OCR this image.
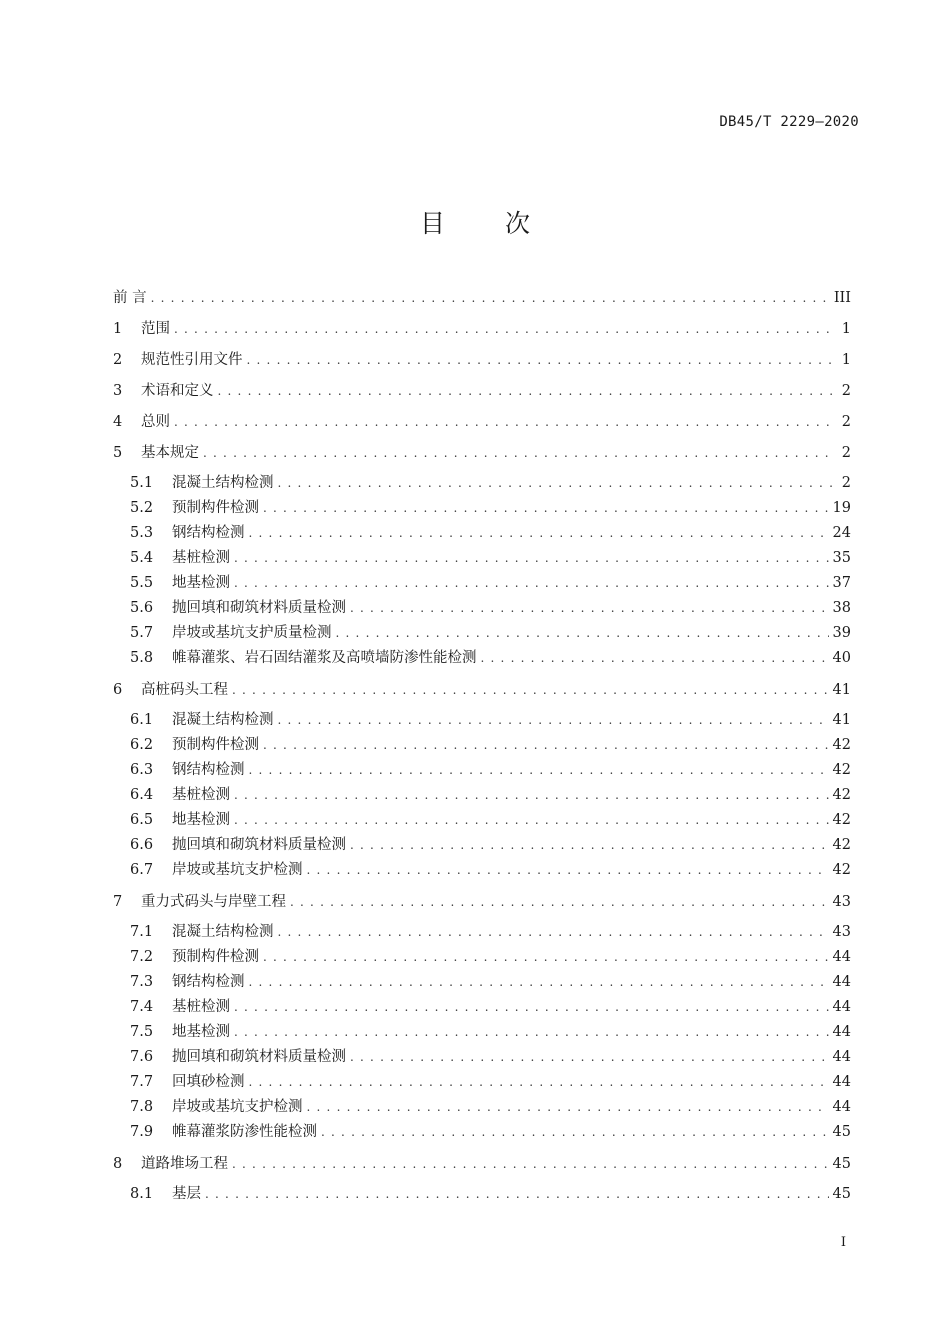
DB45/T 2229—2020
目 次
前 言 . . .	III
1	范围 . . .	1
2	规范性引用文件 . . .	1
3	术语和定义 . . .	2
4	总则 . . .	2
5	基本规定 . . .	2
5.1	混凝土结构检测 . . .	2
5.2	预制构件检测 . . .	19
5.3	钢结构检测 . . .	24
5.4	基桩检测 . . .	35
5.5	地基检测 . . .	37
5.6	抛回填和砌筑材料质量检测 . . .	38
5.7	岸坡或基坑支护质量检测 . . .	39
5.8	帷幕灌浆、岩石固结灌浆及高喷墙防渗性能检测 . . .	40
6	高桩码头工程 . . .	41
6.1	混凝土结构检测 . . .	41
6.2	预制构件检测 . . .	42
6.3	钢结构检测 . . .	42
6.4	基桩检测 . . .	42
6.5	地基检测 . . .	42
6.6	抛回填和砌筑材料质量检测 . . .	42
6.7	岸坡或基坑支护检测 . . .	42
7	重力式码头与岸壁工程 . . .	43
7.1	混凝土结构检测 . . .	43
7.2	预制构件检测 . . .	44
7.3	钢结构检测 . . .	44
7.4	基桩检测 . . .	44
7.5	地基检测 . . .	44
7.6	抛回填和砌筑材料质量检测 . . .	44
7.7	回填砂检测 . . .	44
7.8	岸坡或基坑支护检测 . . .	44
7.9	帷幕灌浆防渗性能检测 . . .	45
8	道路堆场工程 . . .	45
8.1	基层 . . .	45
I
